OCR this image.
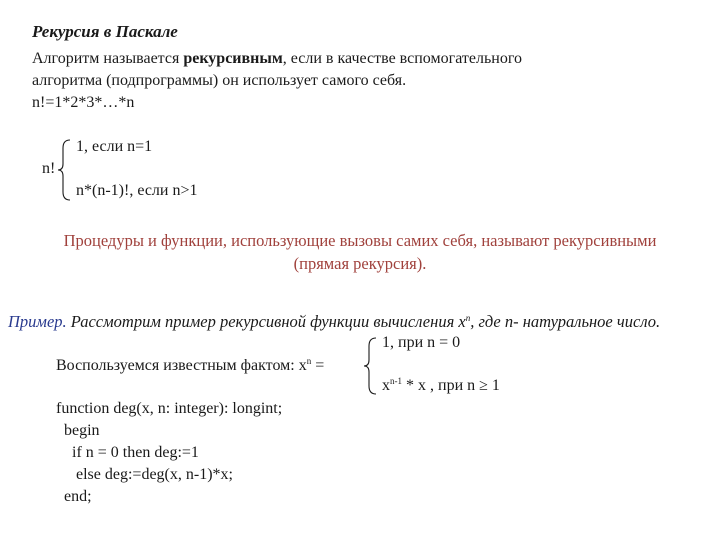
Рекурсия в Паскале
Алгоритм называется рекурсивным, если в качестве вспомогательного
алгоритма (подпрограммы) он использует самого себя.
n!=1*2*3*…*n
n!
1, если n=1
n*(n-1)!, если n>1
Процедуры и функции, использующие вызовы самих себя, называют рекурсивными
(прямая рекурсия).
Пример. Рассмотрим пример рекурсивной функции вычисления $x^n$, где n- натуральное число.
Воспользуемся известным фактом: $x^n$ =
1, при n = 0
$x^{n-1}$ * x , при n ≥ 1
function deg(x, n: integer): longint;
begin
if n = 0 then deg:=1
else deg:=deg(x, n-1)*x;
end;
